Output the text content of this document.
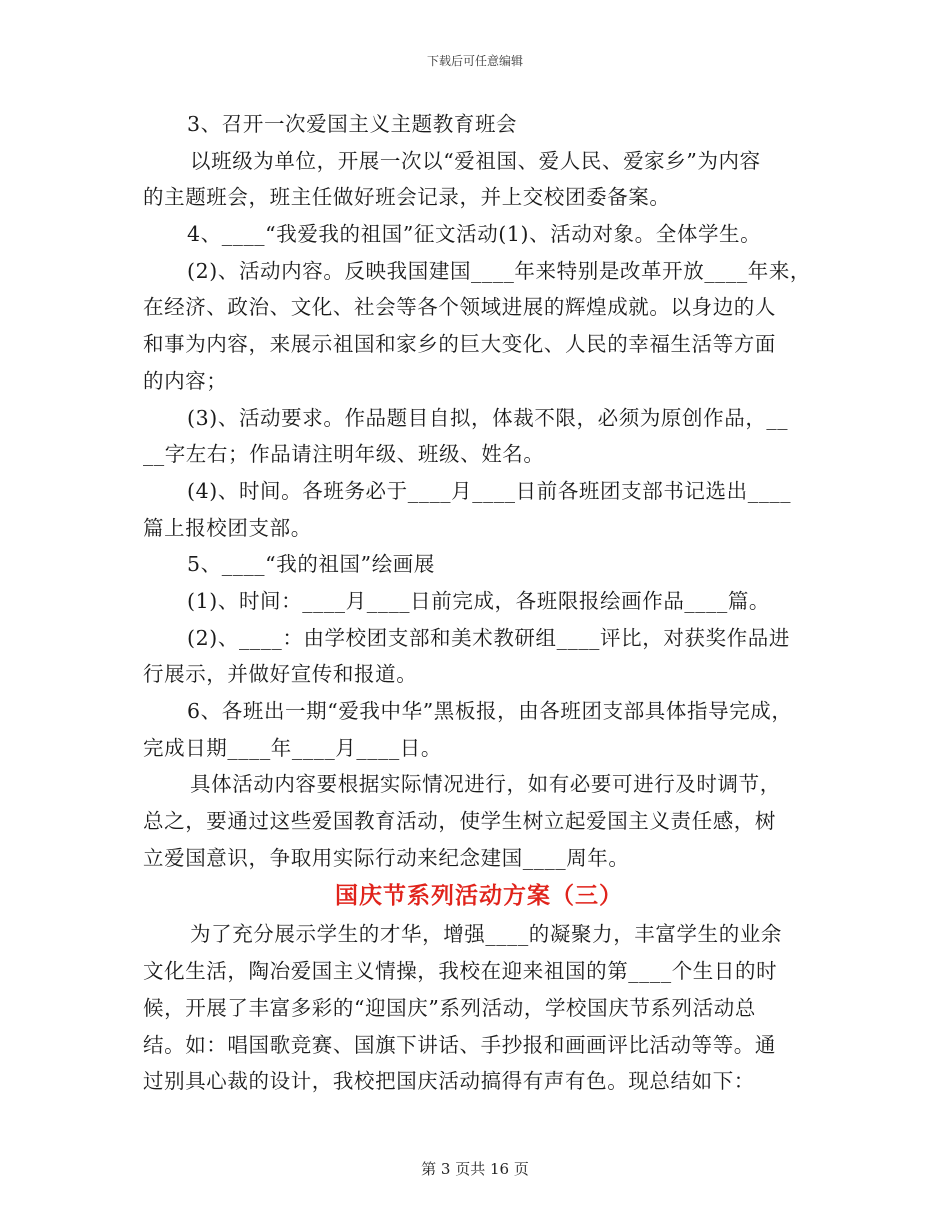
下载后可任意编辑
3、召开一次爱国主义主题教育班会
以班级为单位，开展一次以“爱祖国、爱人民、爱家乡”为内容
的主题班会，班主任做好班会记录，并上交校团委备案。
4、____“我爱我的祖国”征文活动(1)、活动对象。全体学生。
(2)、活动内容。反映我国建国____年来特别是改革开放____年来，
在经济、政治、文化、社会等各个领域进展的辉煌成就。以身边的人
和事为内容，来展示祖国和家乡的巨大变化、人民的幸福生活等方面
的内容；
(3)、活动要求。作品题目自拟，体裁不限，必须为原创作品，__
__字左右；作品请注明年级、班级、姓名。
(4)、时间。各班务必于____月____日前各班团支部书记选出____
篇上报校团支部。
5、____“我的祖国”绘画展
(1)、时间：____月____日前完成，各班限报绘画作品____篇。
(2)、____：由学校团支部和美术教研组____评比，对获奖作品进
行展示，并做好宣传和报道。
6、各班出一期“爱我中华”黑板报，由各班团支部具体指导完成，
完成日期____年____月____日。
具体活动内容要根据实际情况进行，如有必要可进行及时调节，
总之，要通过这些爱国教育活动，使学生树立起爱国主义责任感，树
立爱国意识，争取用实际行动来纪念建国____周年。
国庆节系列活动方案（三）
为了充分展示学生的才华，增强____的凝聚力，丰富学生的业余
文化生活，陶冶爱国主义情操，我校在迎来祖国的第____个生日的时
候，开展了丰富多彩的“迎国庆”系列活动，学校国庆节系列活动总
结。如：唱国歌竞赛、国旗下讲话、手抄报和画画评比活动等等。通
过别具心裁的设计，我校把国庆活动搞得有声有色。现总结如下：
第 3 页共 16 页
